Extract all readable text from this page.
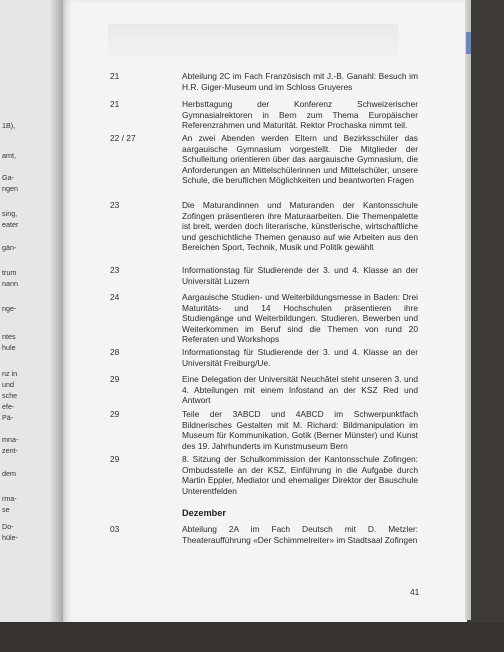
1B),
amt,
Ga-
ngen
sing,
eater
gän-
trum
nann
nge-
ntes
hule
nz in
und
sche
efe-
Pä-
mna-
zent-
dem
rma-
se
Do-
hüle-
21	Abteilung 2C im Fach Französisch mit J.-B. Ganahl: Besuch im H.R. Giger-Museum und im Schloss Gruyeres
21	Herbsttagung der Konferenz Schweizerischer Gymnasialrektoren in Bern zum Thema Europäischer Referenzrahmen und Maturität. Rektor Prochaska nimmt teil.
22 / 27	An zwei Abenden werden Eltern und Bezirksschüler das aargauische Gymnasium vorgestellt. Die Mitglieder der Schulleitung orientieren über das aargauische Gymnasium, die Anforderungen an Mittelschülerinnen und Mittelschüler, unsere Schule, die beruflichen Möglichkeiten und beantworten Fragen
23	Die Maturandinnen und Maturanden der Kantonsschule Zofingen präsentieren ihre Maturaarbeiten. Die Themenpalette ist breit, werden doch literarische, künstlerische, wirtschaftliche und geschichtliche Themen genauso auf wie Arbeiten aus den Bereichen Sport, Technik, Musik und Politik gewählt
23	Informationstag für Studierende der 3. und 4. Klasse an der Universität Luzern
24	Aargauische Studien- und Weiterbildungsmesse in Baden: Drei Maturitäts- und 14 Hochschulen präsentieren ihre Studiengänge und Weiterbildungen. Studieren, Bewerben und Weiterkommen im Beruf sind die Themen von rund 20 Referaten und Workshops
28	Informationstag für Studierende der 3. und 4. Klasse an der Universität Freiburg/Ue.
29	Eine Delegation der Universität Neuchâtel steht unseren 3. und 4. Abteilungen mit einem Infostand an der KSZ Red und Antwort
29	Teile der 3ABCD und 4ABCD im Schwerpunktfach Bildnerisches Gestalten mit M. Richard: Bildmanipulation im Museum für Kommunikation, Gotik (Berner Münster) und Kunst des 19. Jahrhunderts im Kunstmuseum Bern
29	8. Sitzung der Schulkommission der Kantonsschule Zofingen: Ombudsstelle an der KSZ, Einführung in die Aufgabe durch Martin Eppler, Mediator und ehemaliger Direktor der Bauschule Unterentfelden
Dezember
03	Abteilung 2A im Fach Deutsch mit D. Metzler: Theateraufführung «Der Schimmelreiter» im Stadtsaal Zofingen
41
